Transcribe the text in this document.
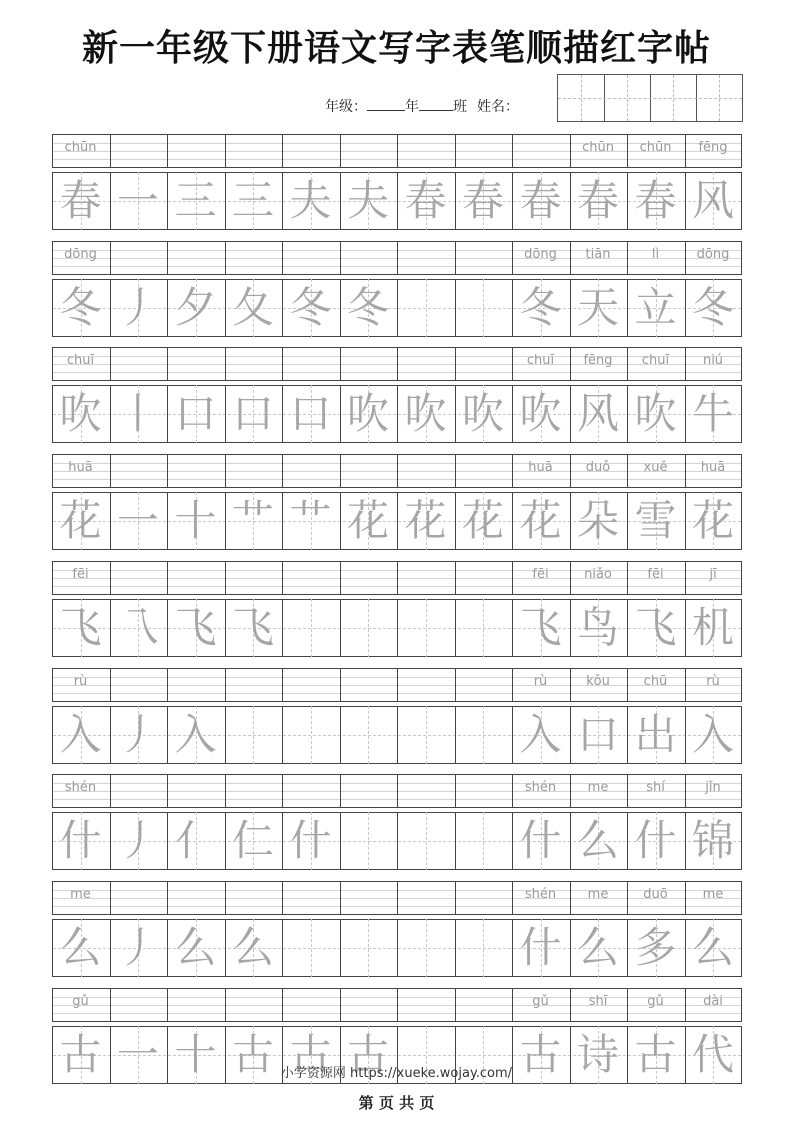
新一年级下册语文写字表笔顺描红字帖
年级：	年 班 姓名：
chūn
春 一 三 三 夫 夫 春 春 春
chūn
春
chūn
春
fēng
风
dōng
冬 丿 夕 夂 冬 冬
dōng
冬
tiān
天
lì
立
dōng
冬
chuī
吹 丨 口 口 口 吹 吹 吹
chuī
吹
fēng
风
chuī
吹
niú
牛
huā
花 一 十 艹 艹 花 花 花
huā
花
duǒ
朵
xuě
雪
huā
花
fēi
飞 乁 飞 飞
fēi
飞
niǎo
鸟
fēi
飞
jī
机
rù
入 丿 入
rù
入
kǒu
口
chū
出
rù
入
shén
什 丿 亻 仁 什
shén
什
me
么
shí
什
jǐn
锦
me
么 丿 么 么
shén
什
me
么
duō
多
me
么
gǔ
古 一 十 古 古 古
gǔ
古
shī
诗
gǔ
古
dài
代
小学资源网 https://xueke.wojay.com/
第 页 共 页
